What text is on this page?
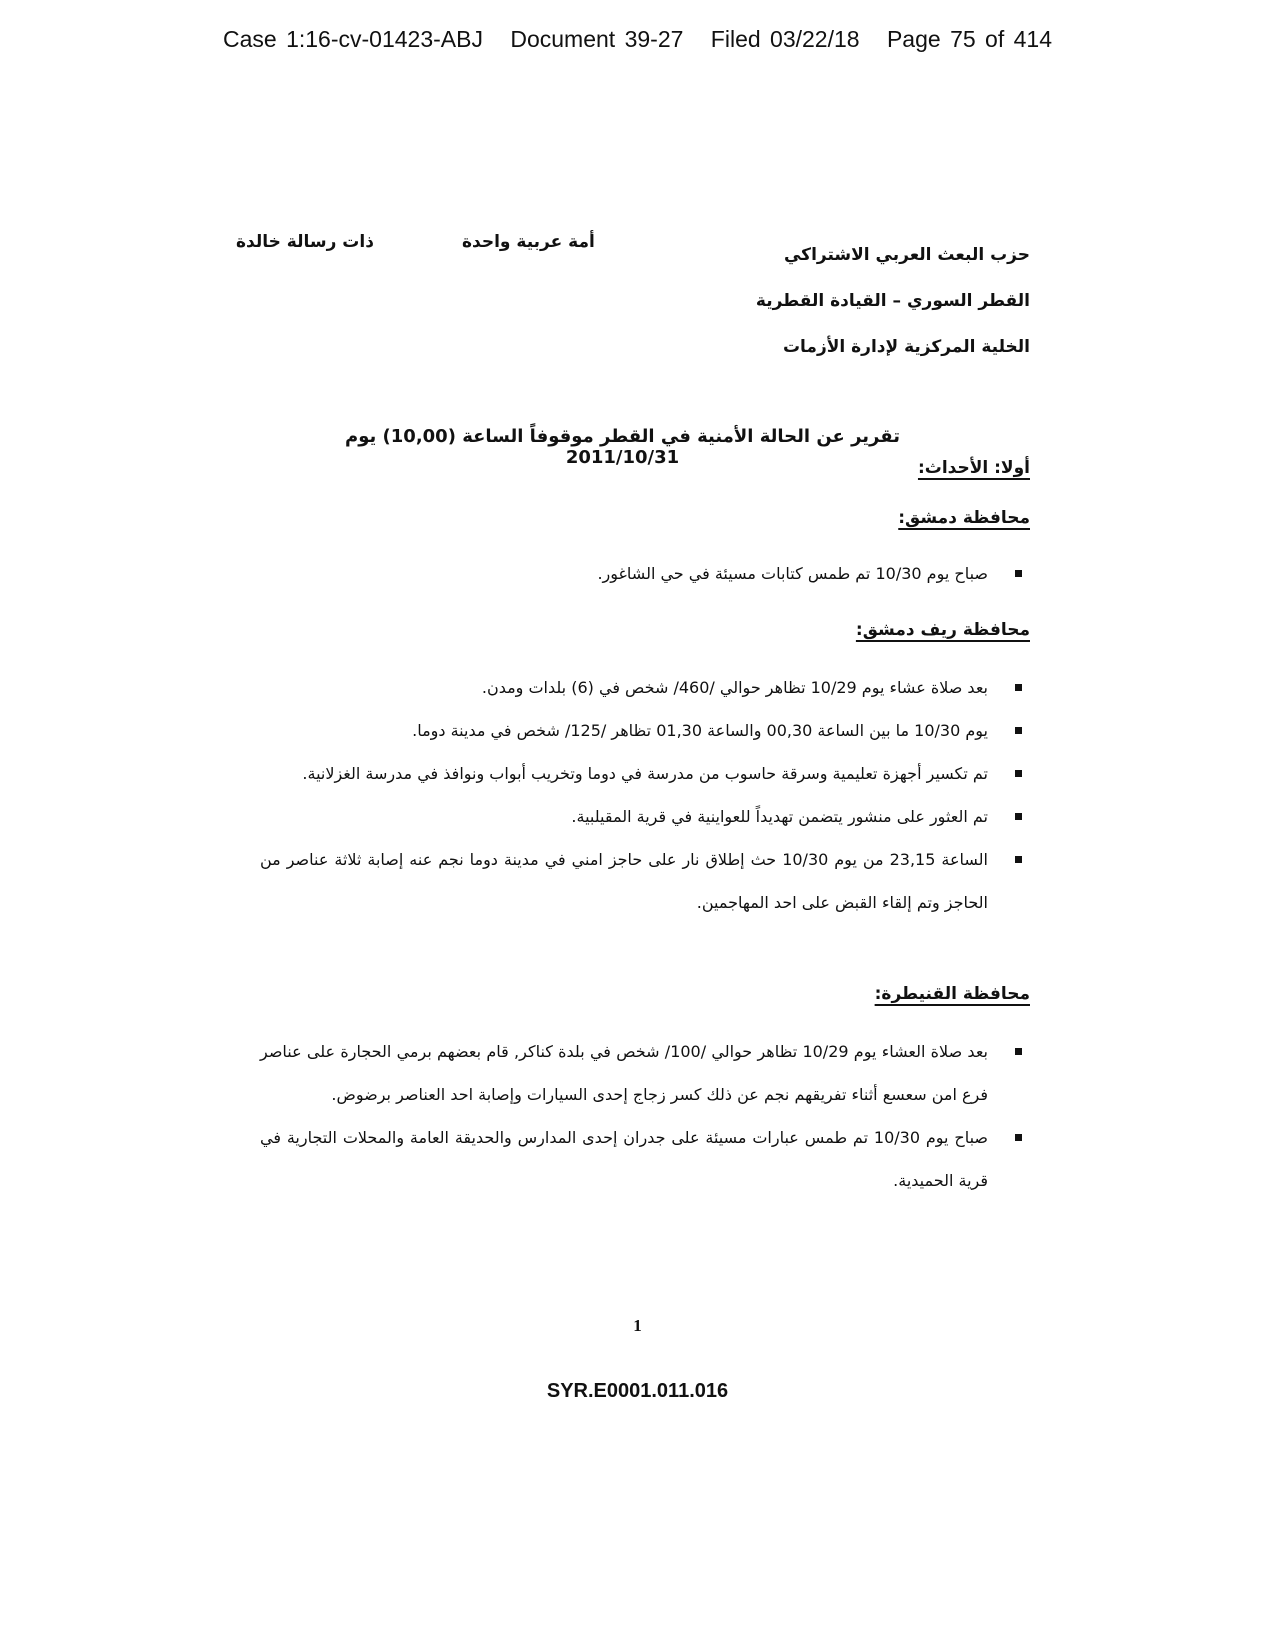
Case 1:16-cv-01423-ABJ Document 39-27 Filed 03/22/18 Page 75 of 414
حزب البعث العربي الاشتراكي
القطر السوري – القيادة القطرية
الخلية المركزية لإدارة الأزمات
أمة عربية واحدة
ذات رسالة خالدة
تقرير عن الحالة الأمنية في القطر موقوفاً الساعة (10,00) يوم 2011/10/31	أولا: الأحداث:
محافظة دمشق:
صباح يوم 10/30 تم طمس كتابات مسيئة في حي الشاغور.
محافظة ريف دمشق:
بعد صلاة عشاء يوم 10/29 تظاهر حوالي /460/ شخص في (6) بلدات ومدن.
يوم 10/30 ما بين الساعة 00,30 والساعة 01,30 تظاهر /125/ شخص في مدينة دوما.
تم تكسير أجهزة تعليمية وسرقة حاسوب من مدرسة في دوما وتخريب أبواب ونوافذ في مدرسة الغزلانية.
تم العثور على منشور يتضمن تهديداً للعواينية في قرية المقيلبية.
الساعة 23,15 من يوم 10/30 حث إطلاق نار على حاجز امني في مدينة دوما نجم عنه إصابة ثلاثة عناصر من الحاجز وتم إلقاء القبض على احد المهاجمين.
محافظة القنيطرة:
بعد صلاة العشاء يوم 10/29 تظاهر حوالي /100/ شخص في بلدة كناكر, قام بعضهم برمي الحجارة على عناصر فرع امن سعسع أثناء تفريقهم نجم عن ذلك كسر زجاج إحدى السيارات وإصابة احد العناصر برضوض.
صباح يوم 10/30 تم طمس عبارات مسيئة على جدران إحدى المدارس والحديقة العامة والمحلات التجارية في قرية الحميدية.
1
SYR.E0001.011.016
